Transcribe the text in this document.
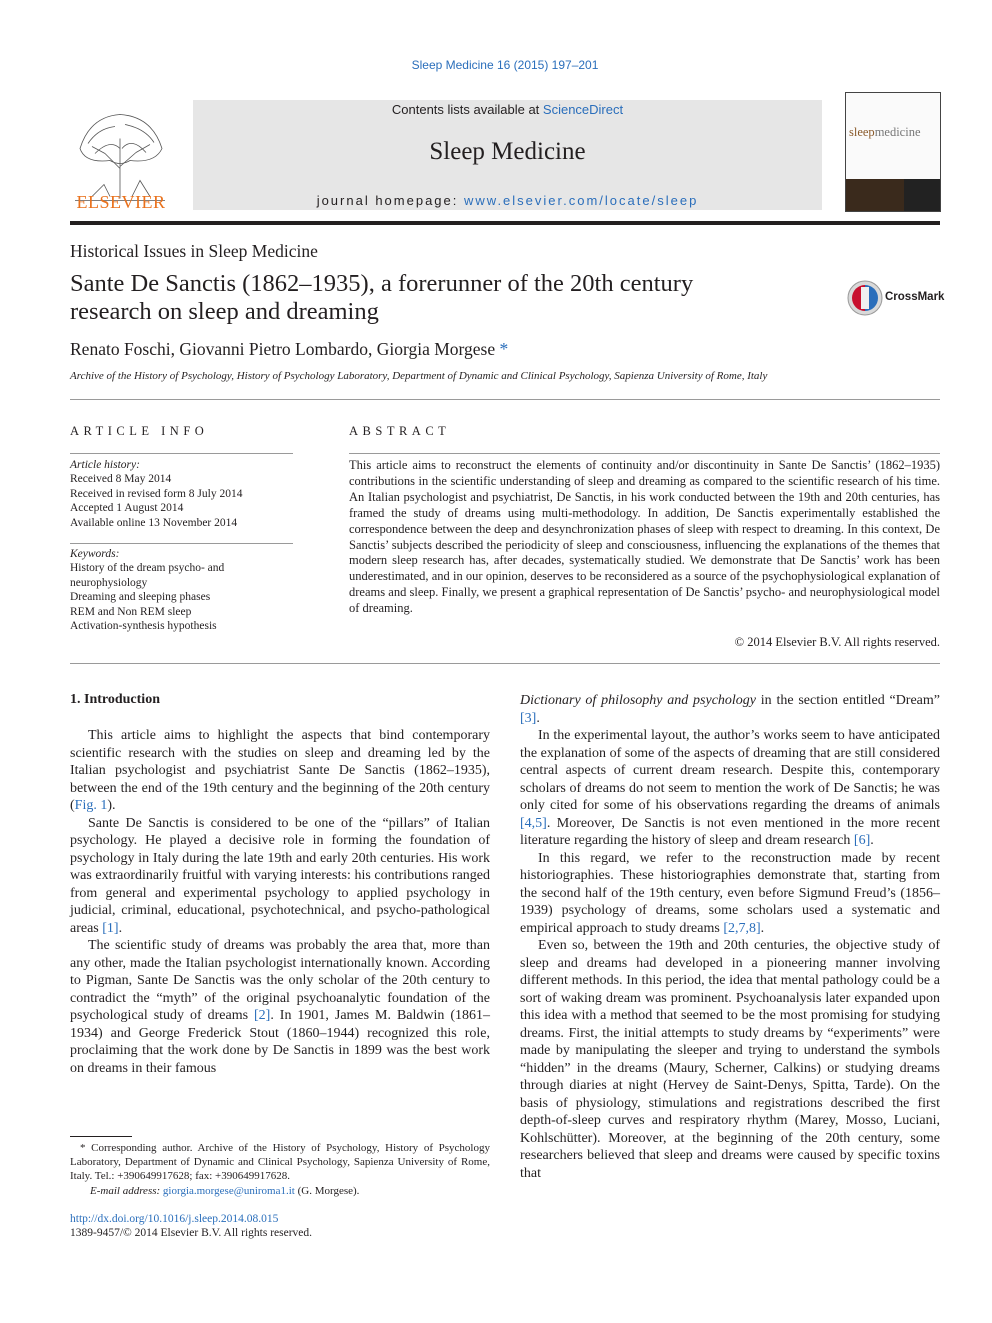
Sleep Medicine 16 (2015) 197–201
ELSEVIER
Contents lists available at ScienceDirect
Sleep Medicine
journal homepage: www.elsevier.com/locate/sleep
sleepmedicine
Historical Issues in Sleep Medicine
Sante De Sanctis (1862–1935), a forerunner of the 20th century
research on sleep and dreaming
CrossMark
Renato Foschi, Giovanni Pietro Lombardo, Giorgia Morgese *
Archive of the History of Psychology, History of Psychology Laboratory, Department of Dynamic and Clinical Psychology, Sapienza University of Rome, Italy
ARTICLE INFO	ABSTRACT
Article history:
Received 8 May 2014
Received in revised form 8 July 2014
Accepted 1 August 2014
Available online 13 November 2014
Keywords:
History of the dream psycho- and
neurophysiology
Dreaming and sleeping phases
REM and Non REM sleep
Activation-synthesis hypothesis
This article aims to reconstruct the elements of continuity and/or discontinuity in Sante De Sanctis’ (1862–1935) contributions in the scientific understanding of sleep and dreaming as compared to the scientific research of his time. An Italian psychologist and psychiatrist, De Sanctis, in his work conducted between the 19th and 20th centuries, has framed the study of dreams using multi-methodology. In addition, De Sanctis experimentally established the correspondence between the deep and desynchronization phases of sleep with respect to dreaming. In this context, De Sanctis’ subjects described the periodicity of sleep and consciousness, influencing the explanations of the themes that modern sleep research has, after decades, systematically studied. We demonstrate that De Sanctis’ work has been underestimated, and in our opinion, deserves to be reconsidered as a source of the psychophysiological explanation of dreams and sleep. Finally, we present a graphical representation of De Sanctis’ psycho- and neurophysiological model of dreaming.
© 2014 Elsevier B.V. All rights reserved.
1. Introduction

This article aims to highlight the aspects that bind contemporary scientific research with the studies on sleep and dreaming led by the Italian psychologist and psychiatrist Sante De Sanctis (1862–1935), between the end of the 19th century and the beginning of the 20th century (Fig. 1).

Sante De Sanctis is considered to be one of the “pillars” of Italian psychology. He played a decisive role in forming the foundation of psychology in Italy during the late 19th and early 20th centuries. His work was extraordinarily fruitful with varying interests: his contributions ranged from general and experimental psychology to applied psychology in judicial, criminal, educational, psychotechnical, and psycho-pathological areas [1].

The scientific study of dreams was probably the area that, more than any other, made the Italian psychologist internationally known. According to Pigman, Sante De Sanctis was the only scholar of the 20th century to contradict the “myth” of the original psychoanalytic foundation of the psychological study of dreams [2]. In 1901, James M. Baldwin (1861–1934) and George Frederick Stout (1860–1944) recognized this role, proclaiming that the work done by De Sanctis in 1899 was the best work on dreams in their famous

Dictionary of philosophy and psychology in the section entitled “Dream” [3].

In the experimental layout, the author’s works seem to have anticipated the explanation of some of the aspects of dreaming that are still considered central aspects of current dream research. Despite this, contemporary scholars of dreams do not seem to mention the work of De Sanctis; he was only cited for some of his observations regarding the dreams of animals [4,5]. Moreover, De Sanctis is not even mentioned in the more recent literature regarding the history of sleep and dream research [6].

In this regard, we refer to the reconstruction made by recent historiographies. These historiographies demonstrate that, starting from the second half of the 19th century, even before Sigmund Freud’s (1856–1939) psychology of dreams, some scholars used a systematic and empirical approach to study dreams [2,7,8].

Even so, between the 19th and 20th centuries, the objective study of sleep and dreams had developed in a pioneering manner involving different methods. In this period, the idea that mental pathology could be a sort of waking dream was prominent. Psychoanalysis later expanded upon this idea with a method that seemed to be the most promising for studying dreams. First, the initial attempts to study dreams by “experiments” were made by manipulating the sleeper and trying to understand the symbols “hidden” in the dreams (Maury, Scherner, Calkins) or studying dreams through diaries at night (Hervey de Saint-Denys, Spitta, Tarde). On the basis of physiology, stimulations and registrations described the first depth-of-sleep curves and respiratory rhythm (Marey, Mosso, Luciani, Kohlschütter). Moreover, at the beginning of the 20th century, some researchers believed that sleep and dreams were caused by specific toxins that

* Corresponding author. Archive of the History of Psychology, History of Psychology Laboratory, Department of Dynamic and Clinical Psychology, Sapienza University of Rome, Italy. Tel.: +390649917628; fax: +390649917628.
E-mail address: giorgia.morgese@uniroma1.it (G. Morgese).
http://dx.doi.org/10.1016/j.sleep.2014.08.015
1389-9457/© 2014 Elsevier B.V. All rights reserved.
